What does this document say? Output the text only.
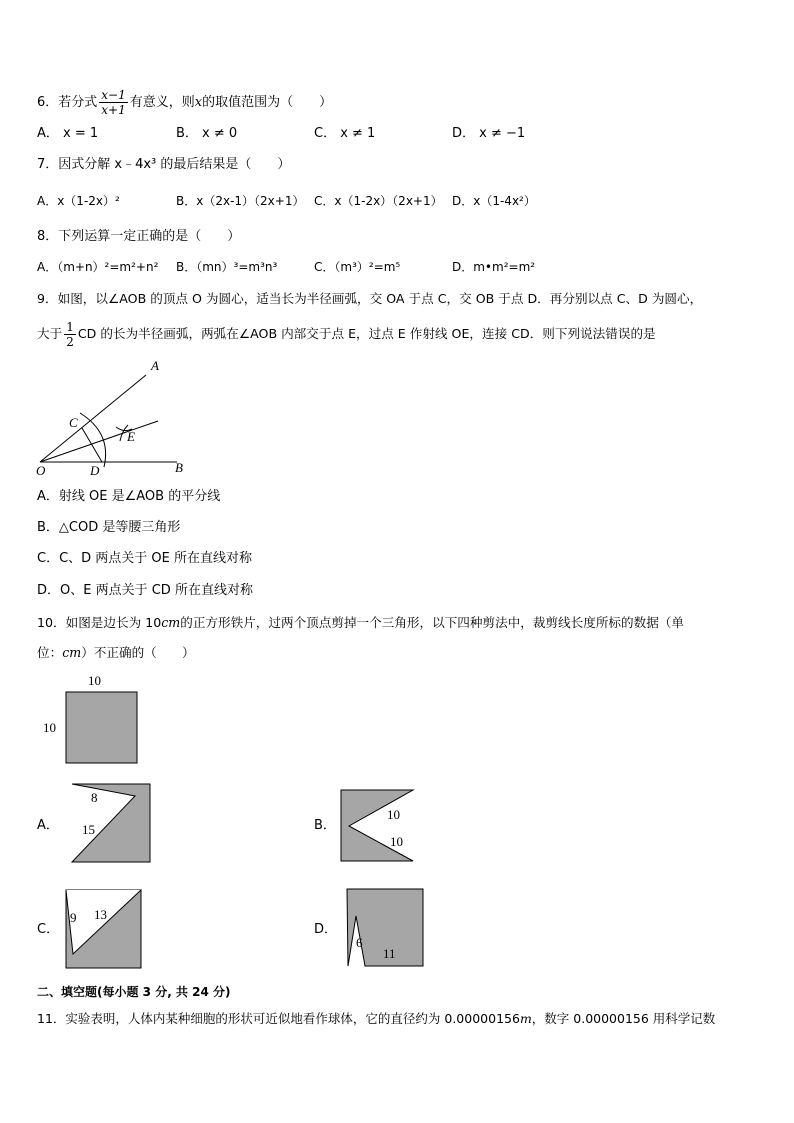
6．若分式 $\frac{x-1}{x+1}$ 有意义，则x的取值范围为（　　）
A． x = 1	B． x ≠ 0	C． x ≠ 1	D． x ≠ −1
7．因式分解 x﹣4x³ 的最后结果是（　　）
A．x（1-2x）²	B．x（2x-1）（2x+1） C．x（1-2x）（2x+1） D．x（1-4x²）
8．下列运算一定正确的是（　　）
A．（m+n）²=m²+n² B．（mn）³=m³n³	C．（m³）²=m⁵	D．m•m²=m²
9．如图，以∠AOB 的顶点 O 为圆心，适当长为半径画弧，交 OA 于点 C，交 OB 于点 D．再分别以点 C、D 为圆心，
大于 $\frac{1}{2}$ CD 的长为半径画弧，两弧在∠AOB 内部交于点 E，过点 E 作射线 OE，连接 CD．则下列说法错误的是
A
C
E
O	D	B
A．射线 OE 是∠AOB 的平分线
B．△COD 是等腰三角形
C．C、D 两点关于 OE 所在直线对称
D．O、E 两点关于 CD 所在直线对称
10．如图是边长为 10cm的正方形铁片，过两个顶点剪掉一个三角形，以下四种剪法中，裁剪线长度所标的数据（单
位：cm）不正确的（　　）
10
10
A．
8
15	B．
10
10
C．
9 13
D．
6
11
二、填空题(每小题 3 分, 共 24 分)
11．实验表明，人体内某种细胞的形状可近似地看作球体，它的直径约为 0.00000156m，数字 0.00000156 用科学记数
